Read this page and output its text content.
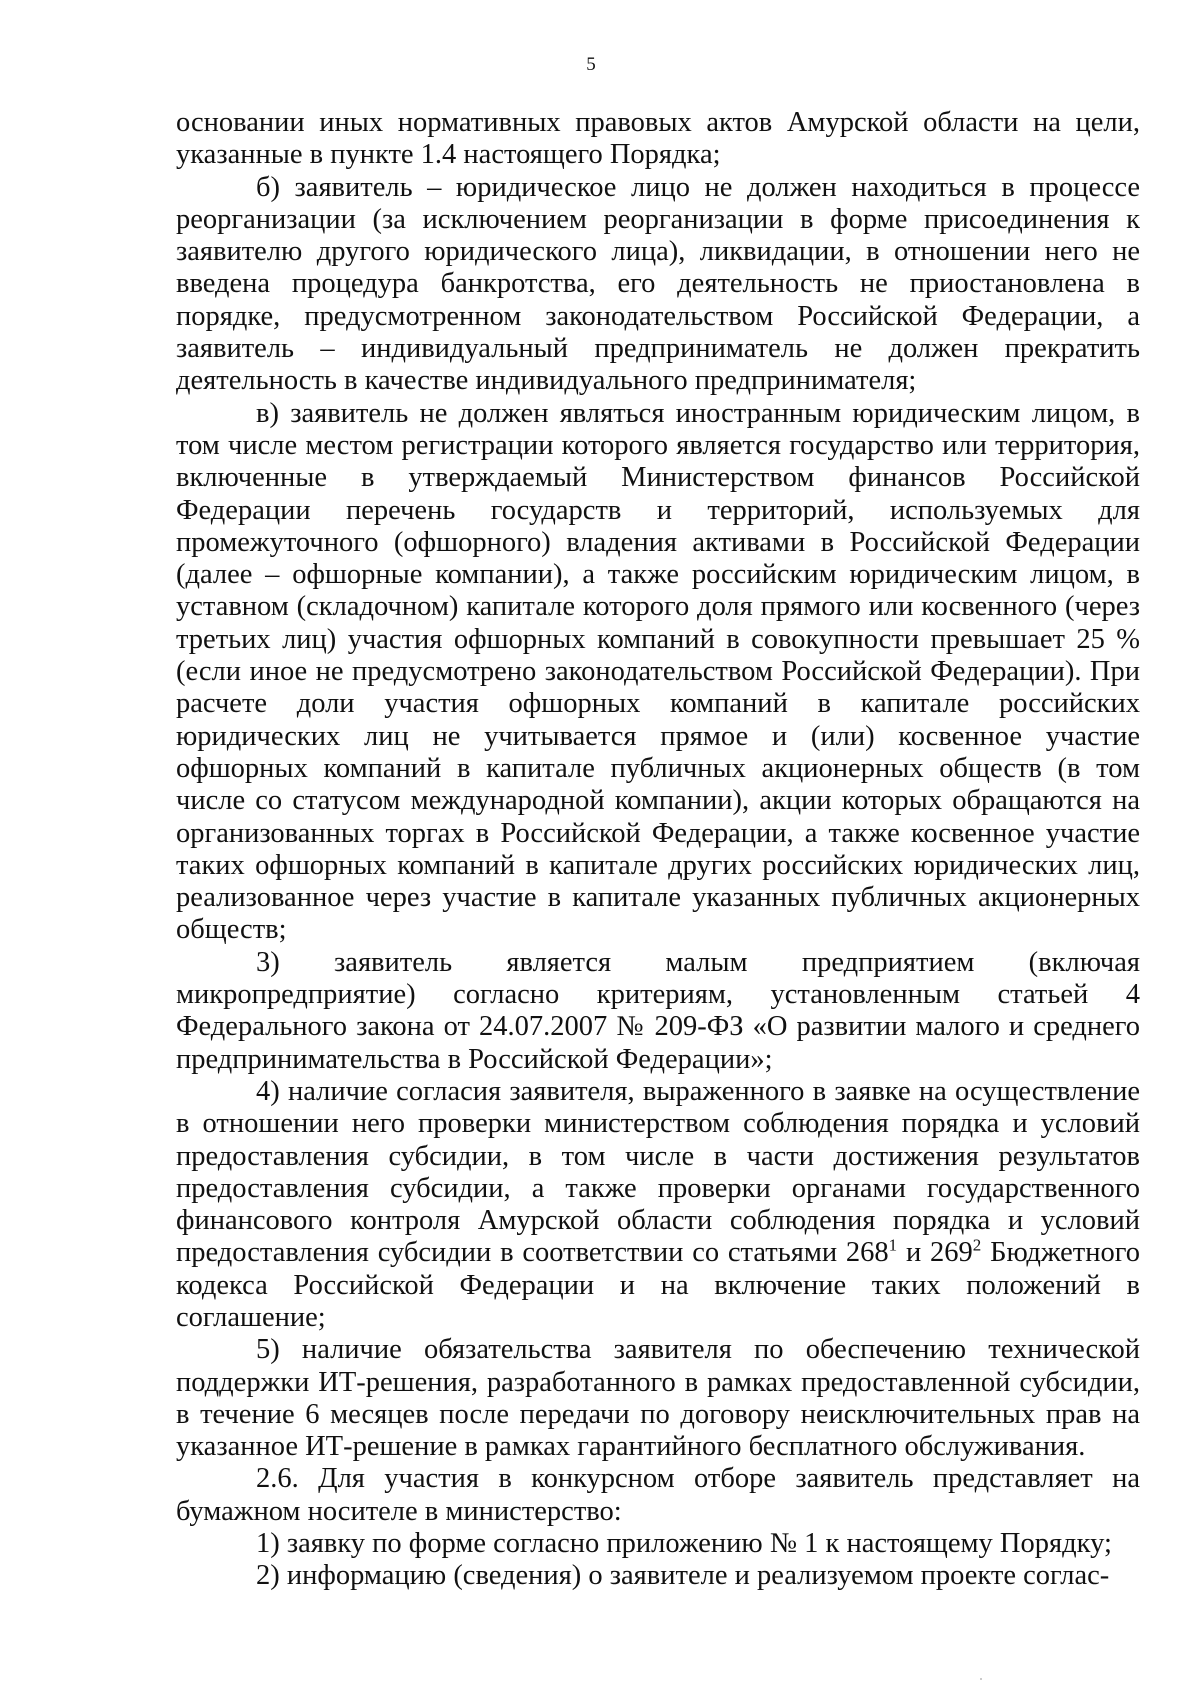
5

основании иных нормативных правовых актов Амурской области на цели, указанные в пункте 1.4 настоящего Порядка;

б) заявитель – юридическое лицо не должен находиться в процессе реорганизации (за исключением реорганизации в форме присоединения к заявителю другого юридического лица), ликвидации, в отношении него не введена процедура банкротства, его деятельность не приостановлена в порядке, предусмотренном законодательством Российской Федерации, а заявитель – индивидуальный предприниматель не должен прекратить деятельность в качестве индивидуального предпринимателя;

в) заявитель не должен являться иностранным юридическим лицом, в том числе местом регистрации которого является государство или территория, включенные в утверждаемый Министерством финансов Российской Федерации перечень государств и территорий, используемых для промежуточного (офшорного) владения активами в Российской Федерации (далее – офшорные компании), а также российским юридическим лицом, в уставном (складочном) капитале которого доля прямого или косвенного (через третьих лиц) участия офшорных компаний в совокупности превышает 25 % (если иное не предусмотрено законодательством Российской Федерации). При расчете доли участия офшорных компаний в капитале российских юридических лиц не учитывается прямое и (или) косвенное участие офшорных компаний в капитале публичных акционерных обществ (в том числе со статусом международной компании), акции которых обращаются на организованных торгах в Российской Федерации, а также косвенное участие таких офшорных компаний в капитале других российских юридических лиц, реализованное через участие в капитале указанных публичных акционерных обществ;

3) заявитель является малым предприятием (включая микропредприятие) согласно критериям, установленным статьей 4 Федерального закона от 24.07.2007 № 209-ФЗ «О развитии малого и среднего предпринимательства в Российской Федерации»;

4) наличие согласия заявителя, выраженного в заявке на осуществление в отношении него проверки министерством соблюдения порядка и условий предоставления субсидии, в том числе в части достижения результатов предоставления субсидии, а также проверки органами государственного финансового контроля Амурской области соблюдения порядка и условий предоставления субсидии в соответствии со статьями $268^1$ и $269^2$ Бюджетного кодекса Российской Федерации и на включение таких положений в соглашение;

5) наличие обязательства заявителя по обеспечению технической поддержки ИТ-решения, разработанного в рамках предоставленной субсидии, в течение 6 месяцев после передачи по договору неисключительных прав на указанное ИТ-решение в рамках гарантийного бесплатного обслуживания.

2.6. Для участия в конкурсном отборе заявитель представляет на бумажном носителе в министерство:

1) заявку по форме согласно приложению № 1 к настоящему Порядку;

2) информацию (сведения) о заявителе и реализуемом проекте соглас-
